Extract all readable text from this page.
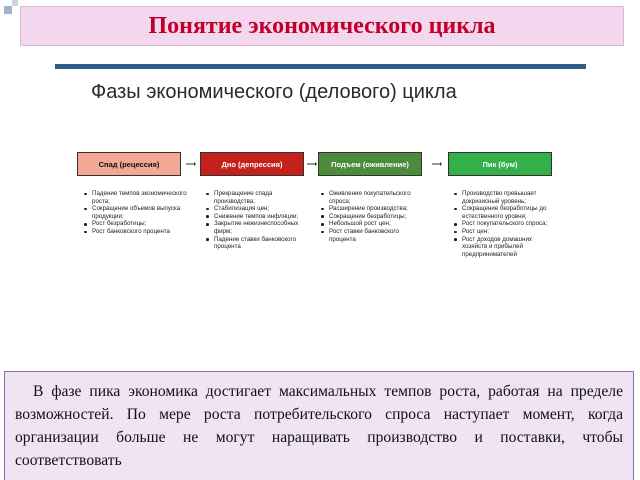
Понятие экономического цикла
Фазы экономического (делового) цикла
Спад (рецессия)	Дно (депрессия)	Подъем (оживление)	Пик (бум)
Падение темпов экономического роста;
Сокращение объемов выпуска продукции;
Рост безработицы;
Рост банковского процента
Прекращение спада производства;
Стабилизация цен;
Снижение темпов инфляции;
Закрытие нежизнеспособных фирм;
Падение ставки банковского процента
Оживление покупательского спроса;
Расширение производства;
Сокращение безработицы;
Небольшой рост цен;
Рост ставки банковского процента
Производство превышает докризисный уровень;
Сокращение безработицы до естественного уровня;
Рост покупательского спроса;
Рост цен;
Рост доходов домашних хозяйств и прибылей предпринимателей

В фазе пика экономика достигает максимальных темпов роста, работая на пределе возможностей. По мере роста потребительского спроса наступает момент, когда организации больше не могут наращивать производство и поставки, чтобы соответствовать
